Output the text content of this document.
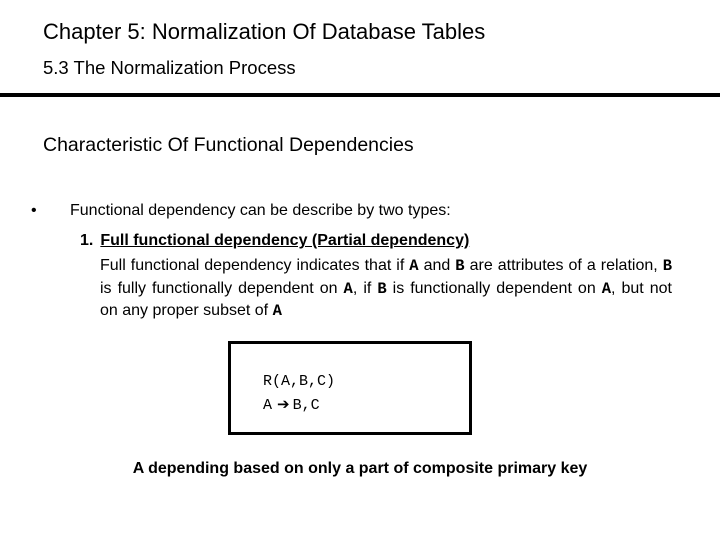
Chapter 5: Normalization Of Database Tables
5.3 The Normalization Process
Characteristic Of Functional Dependencies
• Functional dependency can be describe by two types:
1. Full functional dependency (Partial dependency)
Full functional dependency indicates that if A and B are attributes of a relation, B is fully functionally dependent on A, if B is functionally dependent on A, but not on any proper subset of A
R(A,B,C)
A ➔ B,C
A depending based on only a part of composite primary key
